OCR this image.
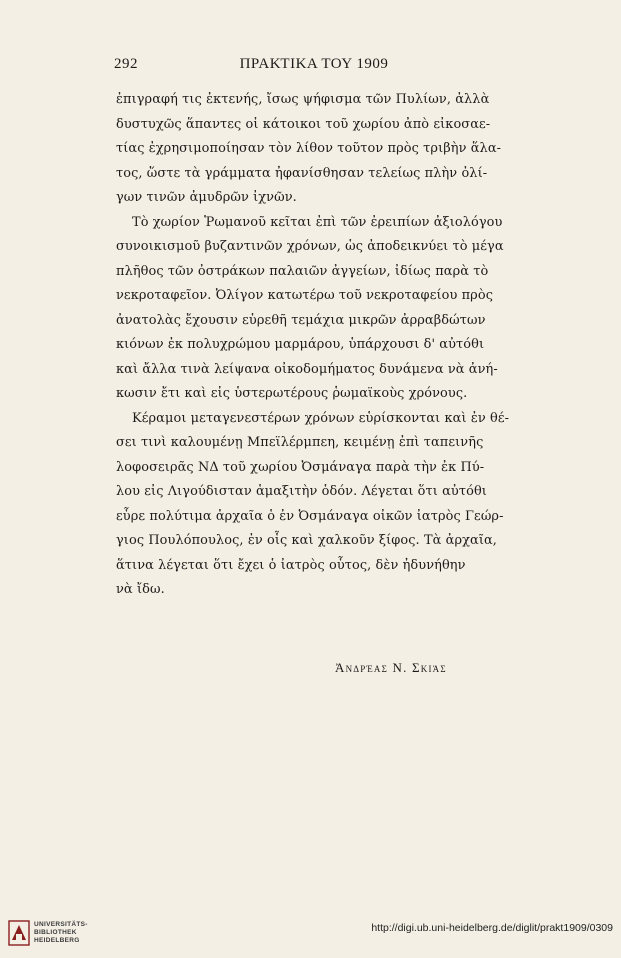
292	ΠΡΑΚΤΙΚΑ ΤΟΥ 1909
ἐπιγραφή τις ἐκτενής, ἴσως ψήφισμα τῶν Πυλίων, ἀλλὰ
δυστυχῶς ἅπαντες οἱ κάτοικοι τοῦ χωρίου ἀπὸ εἰκοσαε-
τίας ἐχρησιμοποίησαν τὸν λίθον τοῦτον πρὸς τριβὴν ἅλα-
τος, ὥστε τὰ γράμματα ἠφανίσθησαν τελείως πλὴν ὀλί-
γων τινῶν ἀμυδρῶν ἰχνῶν.
Τὸ χωρίον Ῥωμανοῦ κεῖται ἐπὶ τῶν ἐρειπίων ἀξιολόγου
συνοικισμοῦ βυζαντινῶν χρόνων, ὡς ἀποδεικνύει τὸ μέγα
πλῆθος τῶν ὀστράκων παλαιῶν ἀγγείων, ἰδίως παρὰ τὸ
νεκροταφεῖον. Ὀλίγον κατωτέρω τοῦ νεκροταφείου πρὸς
ἀνατολὰς ἔχουσιν εὑρεθῆ τεμάχια μικρῶν ἀρραβδώτων
κιόνων ἐκ πολυχρώμου μαρμάρου, ὑπάρχουσι δ' αὐτόθι
καὶ ἄλλα τινὰ λείψανα οἰκοδομήματος δυνάμενα νὰ ἀνή-
κωσιν ἔτι καὶ εἰς ὑστερωτέρους ῥωμαϊκοὺς χρόνους.
Κέραμοι μεταγενεστέρων χρόνων εὑρίσκονται καὶ ἐν θέ-
σει τινὶ καλουμένῃ Μπεϊλέρμπεη, κειμένῃ ἐπὶ ταπεινῆς
λοφοσειρᾶς ΝΔ τοῦ χωρίου Ὀσμάναγα παρὰ τὴν ἐκ Πύ-
λου εἰς Λιγούδισταν ἁμαξιτὴν ὁδόν. Λέγεται ὅτι αὐτόθι
εὗρε πολύτιμα ἀρχαῖα ὁ ἐν Ὀσμάναγα οἰκῶν ἰατρὸς Γεώρ-
γιος Πουλόπουλος, ἐν οἷς καὶ χαλκοῦν ξίφος. Τὰ ἀρχαῖα,
ἅτινα λέγεται ὅτι ἔχει ὁ ἰατρὸς οὗτος, δὲν ἠδυνήθην
νὰ ἴδω.
Ἀνδρέας Ν. Σκιάς
UNIVERSITÄTS-
BIBLIOTHEK
HEIDELBERG
http://digi.ub.uni-heidelberg.de/diglit/prakt1909/0309
